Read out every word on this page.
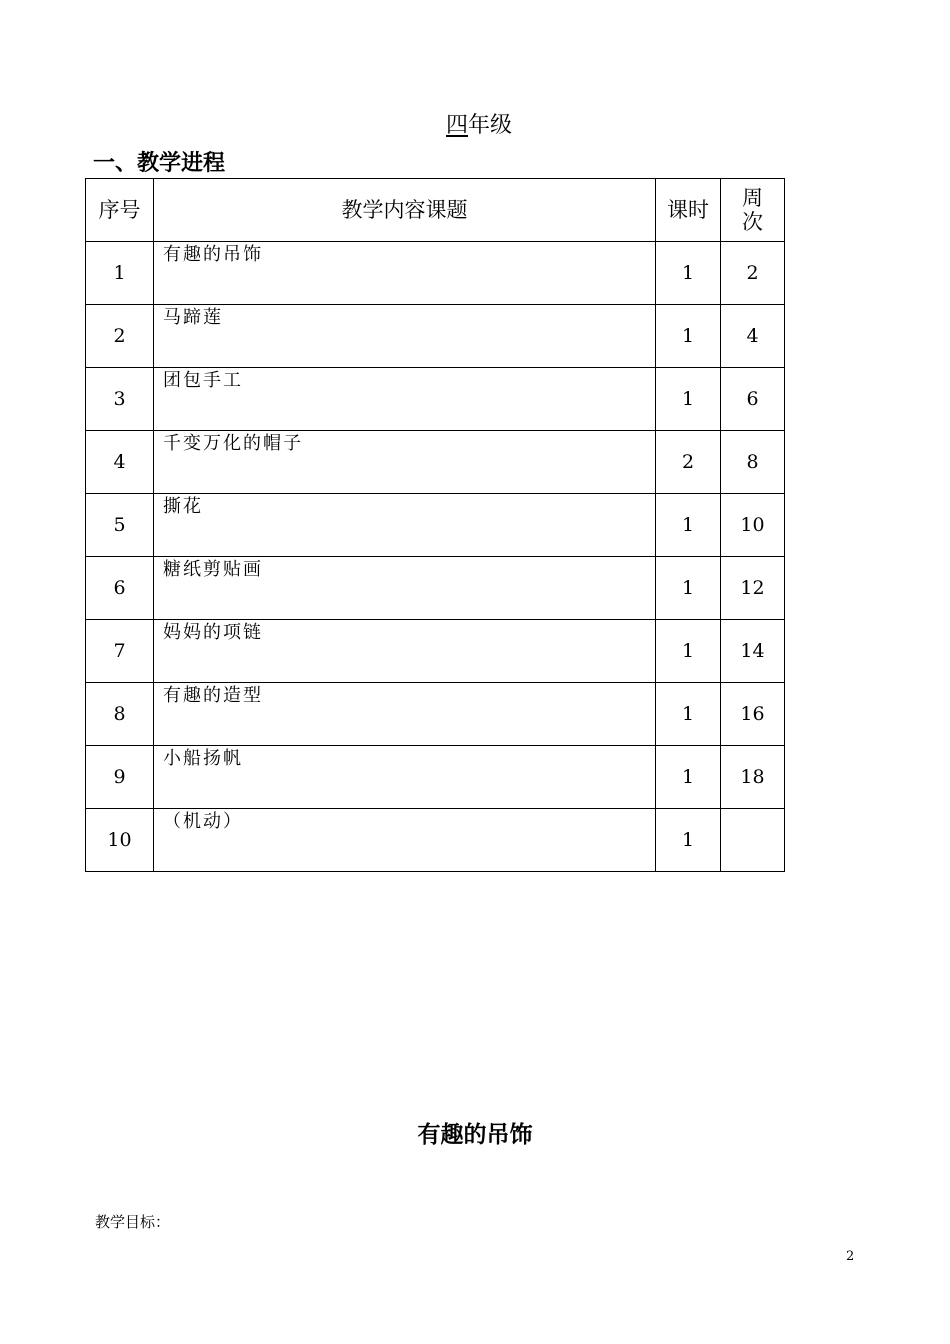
四年级
一、教学进程
序号	教学内容课题	课时	周
次
1	有趣的吊饰	1	2
2	马蹄莲	1	4
3	团包手工	1	6
4	千变万化的帽子	2	8
5	撕花	1	10
6	糖纸剪贴画	1	12
7	妈妈的项链	1	14
8	有趣的造型	1	16
9	小船扬帆	1	18
10	（机动）	1	
有趣的吊饰
教学目标：
2
